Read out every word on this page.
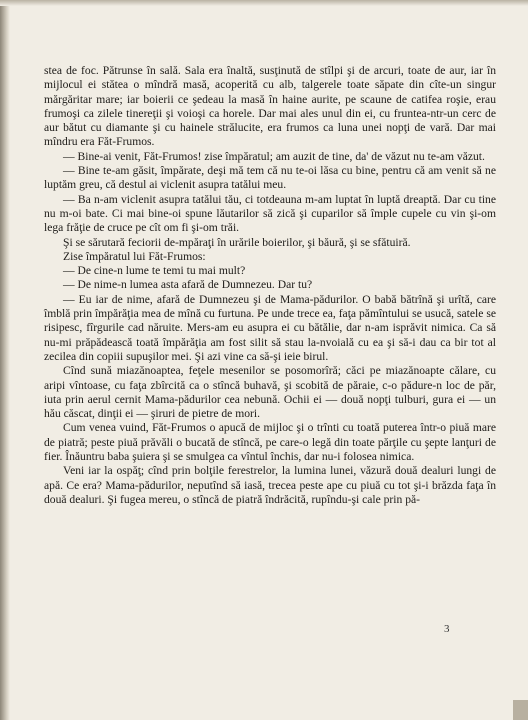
stea de foc. Pătrunse în sală. Sala era înaltă, susţinută de stîlpi şi de arcuri, toate de aur, iar în mijlocul ei stătea o mîndră masă, acoperită cu alb, talgerele toate săpate din cîte-un singur mărgăritar mare; iar boierii ce şedeau la masă în haine aurite, pe scaune de catifea roşie, erau frumoşi ca zilele tinereţii şi voioşi ca horele. Dar mai ales unul din ei, cu fruntea-ntr-un cerc de aur bătut cu diamante şi cu hainele strălucite, era frumos ca luna unei nopţi de vară. Dar mai mîndru era Făt-Frumos.

— Bine-ai venit, Făt-Frumos! zise împăratul; am auzit de tine, da' de văzut nu te-am văzut.

— Bine te-am găsit, împărate, deşi mă tem că nu te-oi lăsa cu bine, pentru că am venit să ne luptăm greu, că destul ai viclenit asupra tatălui meu.

— Ba n-am viclenit asupra tatălui tău, ci totdeauna m-am luptat în luptă dreaptă. Dar cu tine nu m-oi bate. Ci mai bine-oi spune lăutarilor să zică şi cuparilor să împle cupele cu vin şi-om lega frăţie de cruce pe cît om fi şi-om trăi.

Şi se sărutară feciorii de-mpăraţi în urările boierilor, şi băură, şi se sfătuiră.

Zise împăratul lui Făt-Frumos:

— De cine-n lume te temi tu mai mult?

— De nime-n lumea asta afară de Dumnezeu. Dar tu?

— Eu iar de nime, afară de Dumnezeu şi de Mama-pădurilor. O babă bătrînă şi urîtă, care îmblă prin împărăţia mea de mînă cu furtuna. Pe unde trece ea, faţa pămîntului se usucă, satele se risipesc, fîrgurile cad năruite. Mers-am eu asupra ei cu bătălie, dar n-am isprăvit nimica. Ca să nu-mi prăpădească toată împărăţia am fost silit să stau la-nvoială cu ea şi să-i dau ca bir tot al zecilea din copiii supuşilor mei. Şi azi vine ca să-şi ieie birul.

Cînd sună miazănoaptea, feţele mesenilor se posomorîră; căci pe miazănoapte călare, cu aripi vîntoase, cu faţa zbîrcită ca o stîncă buhavă, şi scobită de păraie, c-o pădure-n loc de păr, iuta prin aerul cernit Mama-pădurilor cea nebună. Ochii ei — două nopţi tulburi, gura ei — un hău căscat, dinţii ei — şiruri de pietre de mori.

Cum venea vuind, Făt-Frumos o apucă de mijloc şi o trînti cu toată puterea într-o piuă mare de piatră; peste piuă prăvăli o bucată de stîncă, pe care-o legă din toate părţile cu şepte lanţuri de fier. Înăuntru baba şuiera şi se smulgea ca vîntul închis, dar nu-i folosea nimica.

Veni iar la ospăţ; cînd prin bolţile ferestrelor, la lumina lunei, văzură două dealuri lungi de apă. Ce era? Mama-pădurilor, neputînd să iasă, trecea peste ape cu piuă cu tot şi-i brăzda faţa în două dealuri. Şi fugea mereu, o stîncă de piatră îndrăcită, rupîndu-şi cale prin pă-

3
